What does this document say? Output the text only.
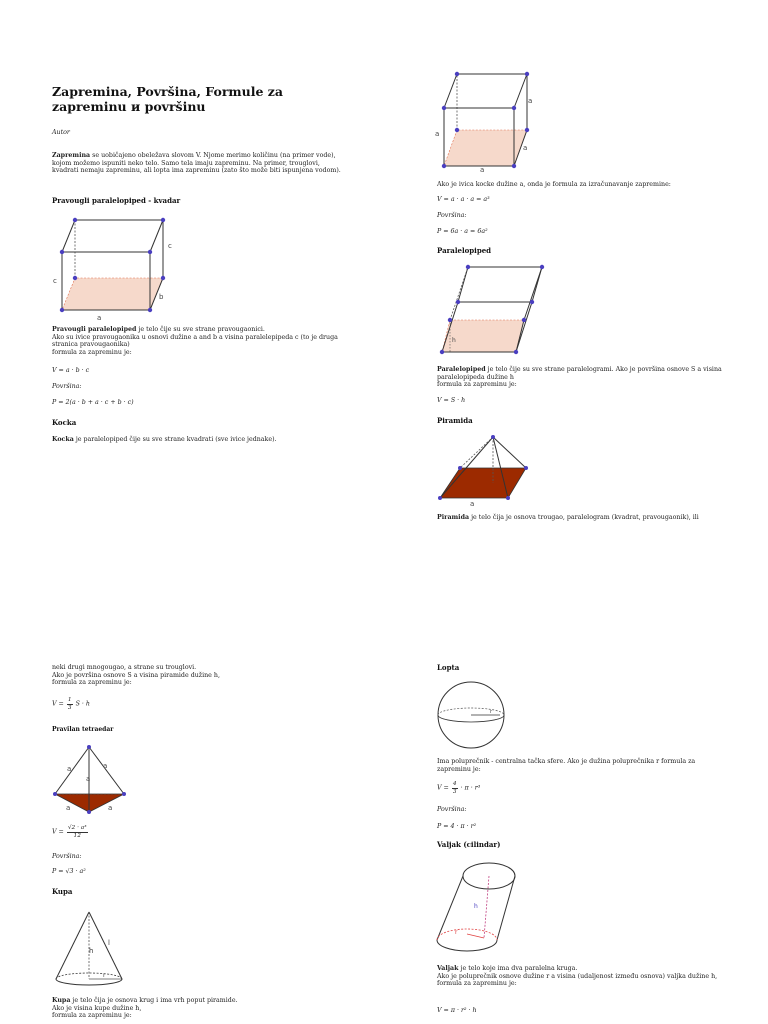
Zapremina, Površina, Formule za zapreminu и površinu
Autor
Zapremina se uobičajeno obeležava slovom V. Njome merimo količinu (na primer vode), kojom možemo ispuniti neko telo. Samo tela imaju zapreminu. Na primer, trouglovi, kvadrati nemaju zapreminu, ali lopta ima zapreminu (zato što može biti ispunjena vodom).
Pravougli paralelopiped - kvadar
c
c
b
a
Pravougli paralelopiped je telo čije su sve strane pravougaonici.
Ako su ivice pravougaonika u osnovi dužine a and b a visina paralelepipeda c (to je druga stranica pravougaonika)
formula za zapreminu je:
V = a · b · c
Površina:
P = 2(a · b + a · c + b · c)
Kocka
Kocka je paralelopiped čije su sve strane kvadrati (sve ivice jednake).
a
a
a
a
Ako je ivica kocke dužine a, onda je formula za izračunavanje zapremine:
V = a · a · a = a³
Površina:
P = 6a · a = 6a²
Paralelopiped
h
Paralelopiped je telo čije su sve strane paralelogrami. Ako je površina osnove S a visina paralelopipeda dužine h
formula za zapreminu je:
V = S · h
Piramida
h
a
Piramida je telo čija je osnova trougao, paralelogram (kvadrat, pravougaonik), ili
neki drugi mnogougao, a strane su trouglovi.
Ako je površina osnove S a visina piramide dužine h,
formula za zapreminu je:
$V = \frac{1}{3}$ S · h
Pravilan tetraedar
a	a
a	a
a
$V = \frac{\text{√2 · a³}}{12}$
Površina:
P = √3 · a²
Kupa
h
l
r
Kupa je telo čija je osnova krug i ima vrh poput piramide.
Ako je visina kupe dužine h,
formula za zapreminu je:
Lopta
r
Ima poluprečnik - centralna tačka sfere. Ako je dužina poluprečnika r formula za zapreminu je:
$V = \frac{4}{3} \cdot \pi \cdot r^3$
Površina:
P = 4 · π · r²
Valjak (cilindar)
h
r
Valjak je telo koje ima dva paralelna kruga.
Ako je poluprečnik osnove dužine r a visina (udaljenost između osnova) valjka dužine h,
formula za zapreminu je:
V = π · r² · h
